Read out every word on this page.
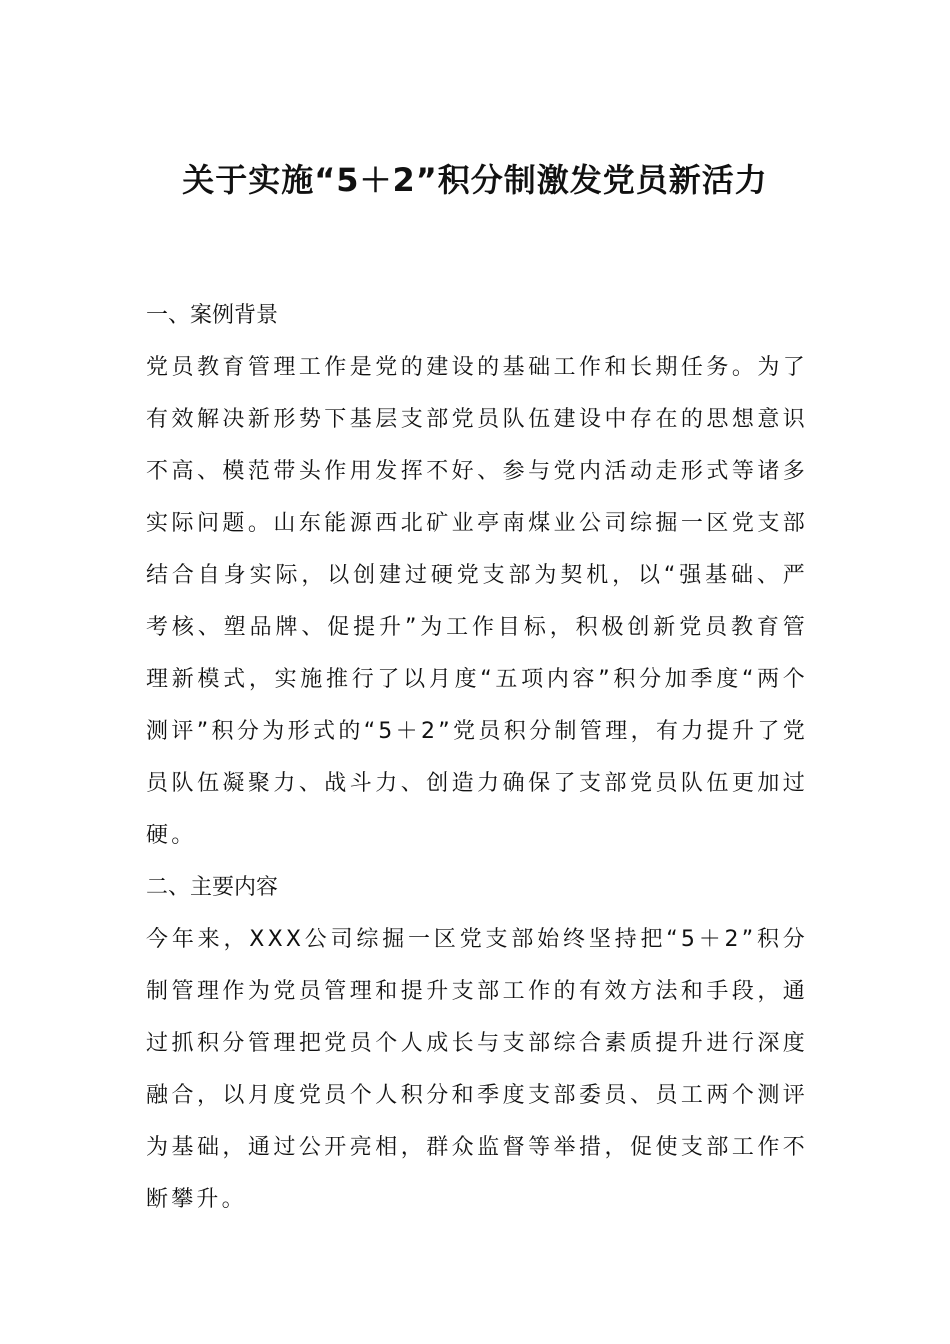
关于实施“5＋2”积分制激发党员新活力

一、案例背景

党员教育管理工作是党的建设的基础工作和长期任务。为了有效解决新形势下基层支部党员队伍建设中存在的思想意识不高、模范带头作用发挥不好、参与党内活动走形式等诸多实际问题。山东能源西北矿业亭南煤业公司综掘一区党支部结合自身实际，以创建过硬党支部为契机，以“强基础、严考核、塑品牌、促提升”为工作目标，积极创新党员教育管理新模式，实施推行了以月度“五项内容”积分加季度“两个测评”积分为形式的“5＋2”党员积分制管理，有力提升了党员队伍凝聚力、战斗力、创造力确保了支部党员队伍更加过硬。

二、主要内容

今年来，XXX公司综掘一区党支部始终坚持把“5＋2”积分制管理作为党员管理和提升支部工作的有效方法和手段，通过抓积分管理把党员个人成长与支部综合素质提升进行深度融合，以月度党员个人积分和季度支部委员、员工两个测评为基础，通过公开亮相，群众监督等举措，促使支部工作不断攀升。
